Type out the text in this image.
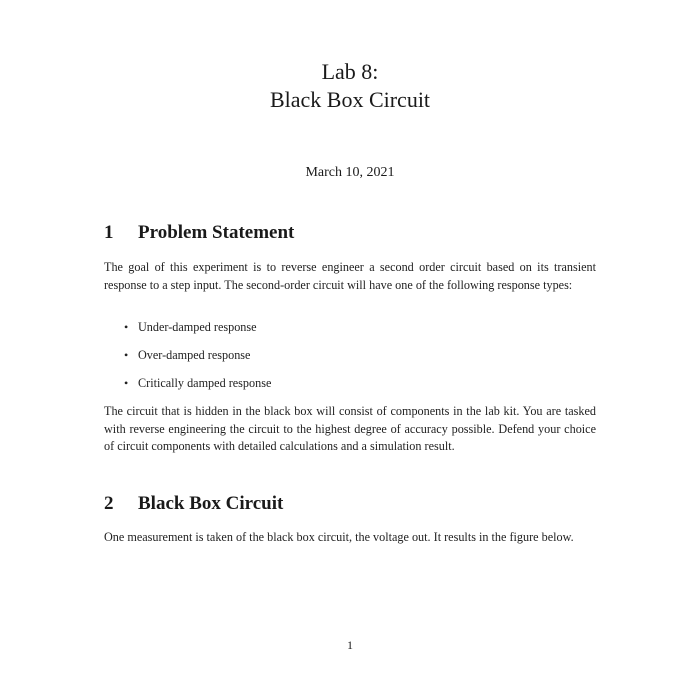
Lab 8:
Black Box Circuit
March 10, 2021
1 Problem Statement
The goal of this experiment is to reverse engineer a second order circuit based on its transient response to a step input. The second-order circuit will have one of the following response types:
• Under-damped response
• Over-damped response
• Critically damped response
The circuit that is hidden in the black box will consist of components in the lab kit. You are tasked with reverse engineering the circuit to the highest degree of accuracy possible. Defend your choice of circuit components with detailed calculations and a simulation result.
2 Black Box Circuit
One measurement is taken of the black box circuit, the voltage out. It results in the figure below.
1
